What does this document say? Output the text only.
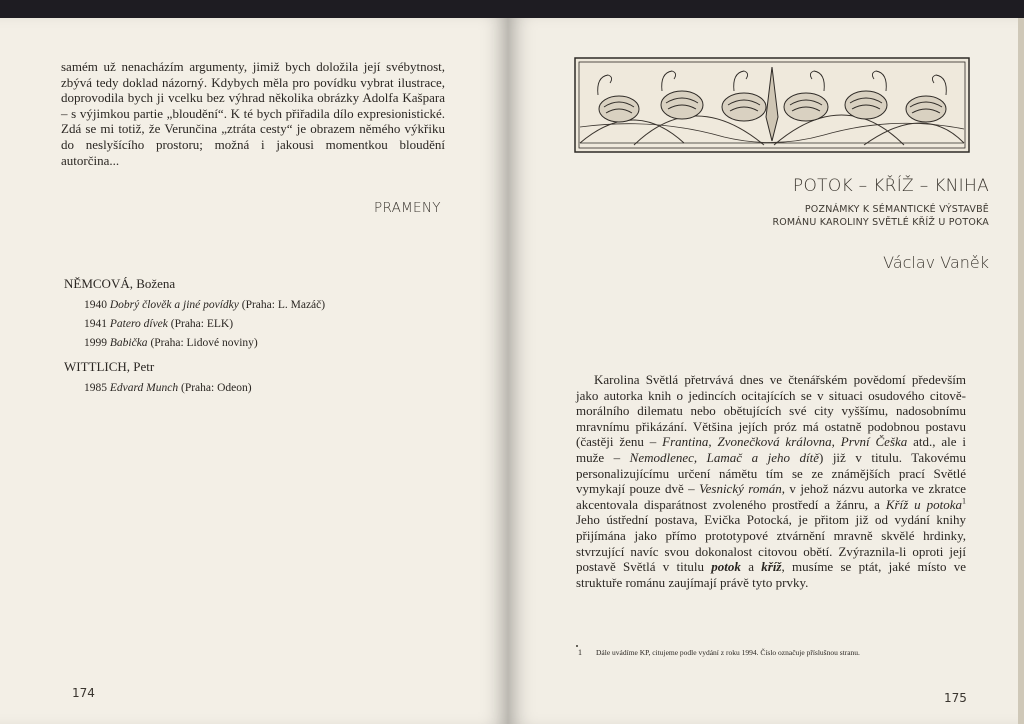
samém už nenacházím argumenty, jimiž bych doložila její svébytnost, zbývá tedy doklad názorný. Kdybych měla pro povídku vybrat ilustrace, doprovodila bych ji vcelku bez výhrad několika obrázky Adolfa Kašpara – s výjimkou partie „bloudění“. K té bych přiřadila dílo expresionistické. Zdá se mi totiž, že Verunčina „ztráta cesty“ je obrazem němého výkřiku do neslyšícího prostoru; možná i jakousi momentkou bloudění autorčina...

PRAMENY

NĚMCOVÁ, Božena

1940 Dobrý člověk a jiné povídky (Praha: L. Mazáč)

1941 Patero dívek (Praha: ELK)

1999 Babička (Praha: Lidové noviny)

WITTLICH, Petr

1985 Edvard Munch (Praha: Odeon)

174
POTOK – KŘÍŽ – KNIHA

POZNÁMKY K SÉMANTICKÉ VÝSTAVBĚ
ROMÁNU KAROLINY SVĚTLÉ KŘÍŽ U POTOKA

Václav Vaněk

Karolina Světlá přetrvává dnes ve čtenářském povědomí především jako autorka knih o jedincích ocitajících se v situaci osudového citově-morálního dilematu nebo obětujících své city vyššímu, nadosobnímu mravnímu přikázání. Většina jejích próz má ostatně podobnou postavu (častěji ženu – Frantina, Zvonečková královna, První Češka atd., ale i muže – Nemodlenec, Lamač a jeho dítě) již v titulu. Takovému personalizujícímu určení námětu tím se ze známějších prací Světlé vymykají pouze dvě – Vesnický román, v jehož názvu autorka ve zkratce akcentovala disparátnost zvoleného prostředí a žánru, a Kříž u potoka$^1$ Jeho ústřední postava, Evička Potocká, je přitom již od vydání knihy přijímána jako přímo prototypové ztvárnění mravně skvělé hrdinky, stvrzující navíc svou dokonalost citovou obětí. Zvýraznila-li oproti její postavě Světlá v titulu potok a kříž, musíme se ptát, jaké místo ve struktuře románu zaujímají právě tyto prvky.

1 Dále uvádíme KP, citujeme podle vydání z roku 1994. Číslo označuje příslušnou stranu.

175
